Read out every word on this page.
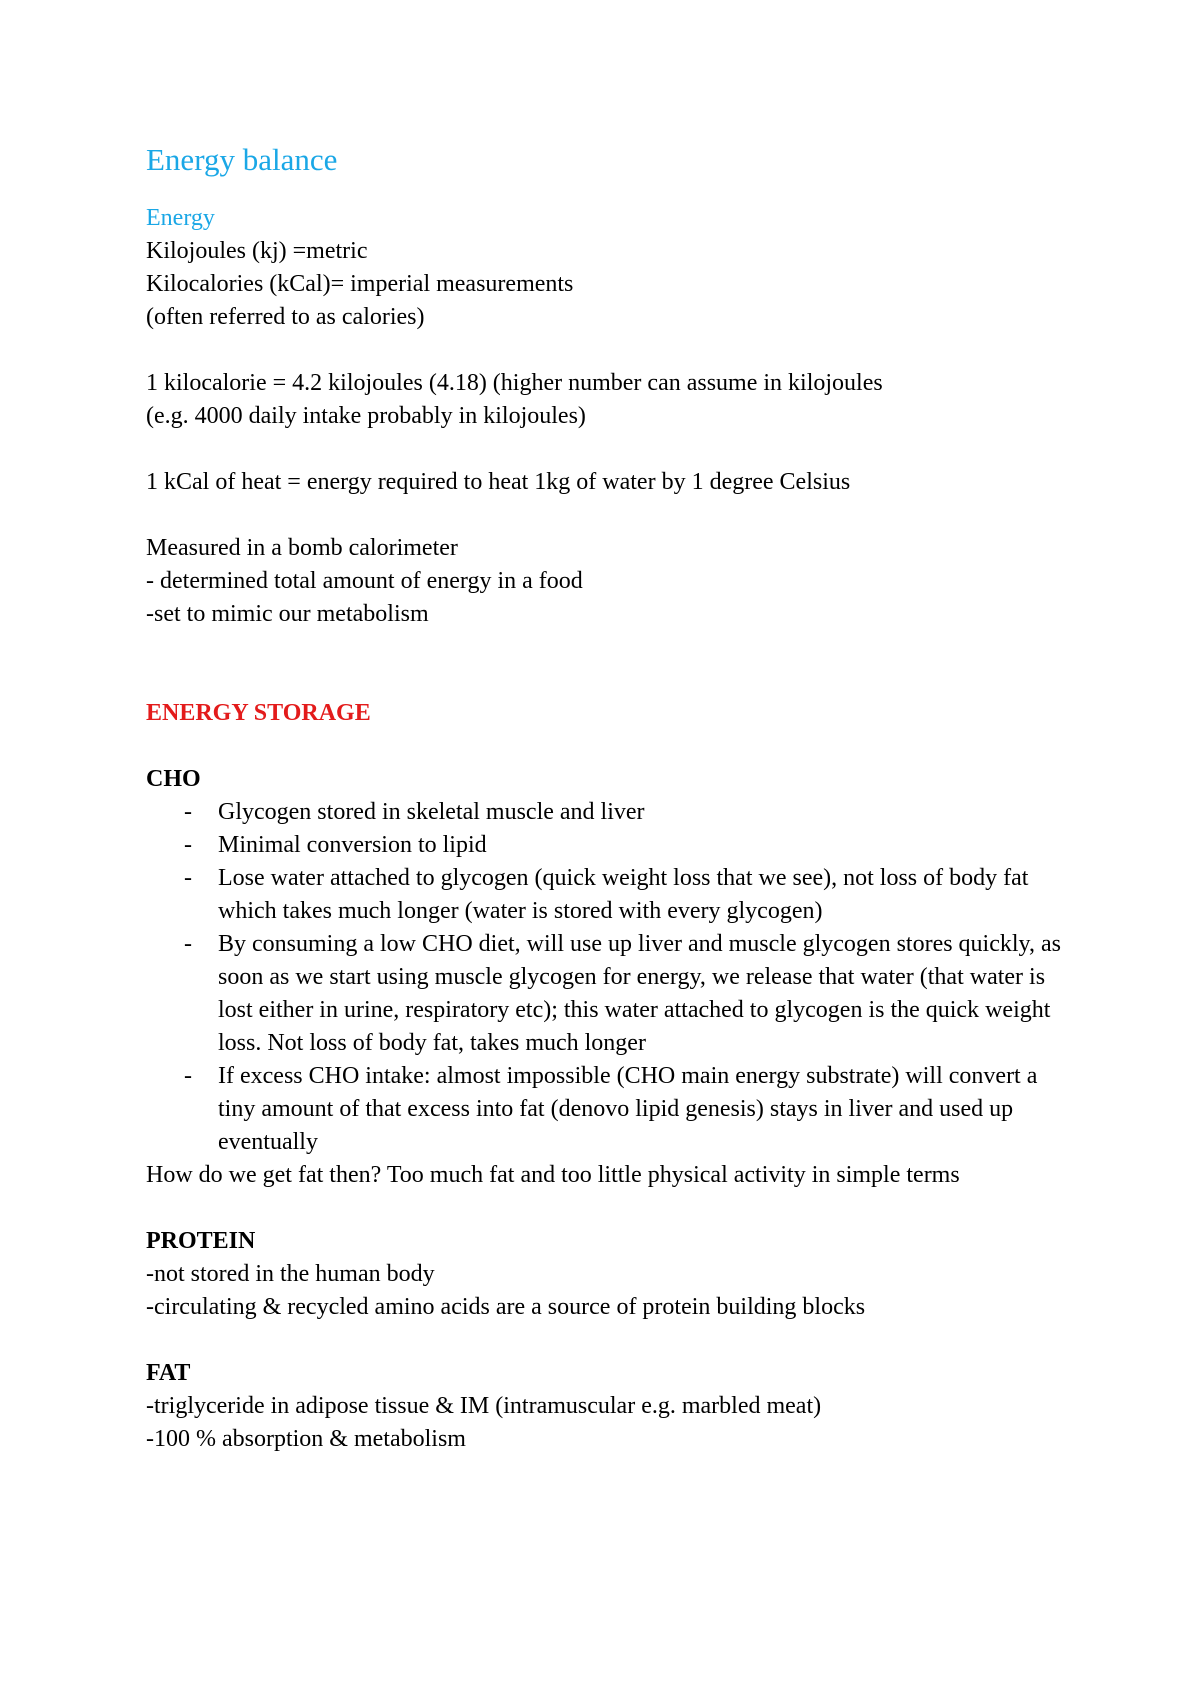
Energy balance
Energy
Kilojoules (kj) =metric
Kilocalories (kCal)= imperial measurements
(often referred to as calories)
1 kilocalorie = 4.2 kilojoules (4.18) (higher number can assume in kilojoules
(e.g. 4000 daily intake probably in kilojoules)
1 kCal of heat = energy required to heat 1kg of water by 1 degree Celsius
Measured in a bomb calorimeter
- determined total amount of energy in a food
-set to mimic our metabolism
ENERGY STORAGE
CHO
- Glycogen stored in skeletal muscle and liver
- Minimal conversion to lipid
- Lose water attached to glycogen (quick weight loss that we see), not loss of body fat which takes much longer (water is stored with every glycogen)
- By consuming a low CHO diet, will use up liver and muscle glycogen stores quickly, as soon as we start using muscle glycogen for energy, we release that water (that water is lost either in urine, respiratory etc); this water attached to glycogen is the quick weight loss. Not loss of body fat, takes much longer
- If excess CHO intake: almost impossible (CHO main energy substrate) will convert a tiny amount of that excess into fat (denovo lipid genesis) stays in liver and used up eventually
How do we get fat then? Too much fat and too little physical activity in simple terms
PROTEIN
-not stored in the human body
-circulating & recycled amino acids are a source of protein building blocks
FAT
-triglyceride in adipose tissue & IM (intramuscular e.g. marbled meat)
-100 % absorption & metabolism
